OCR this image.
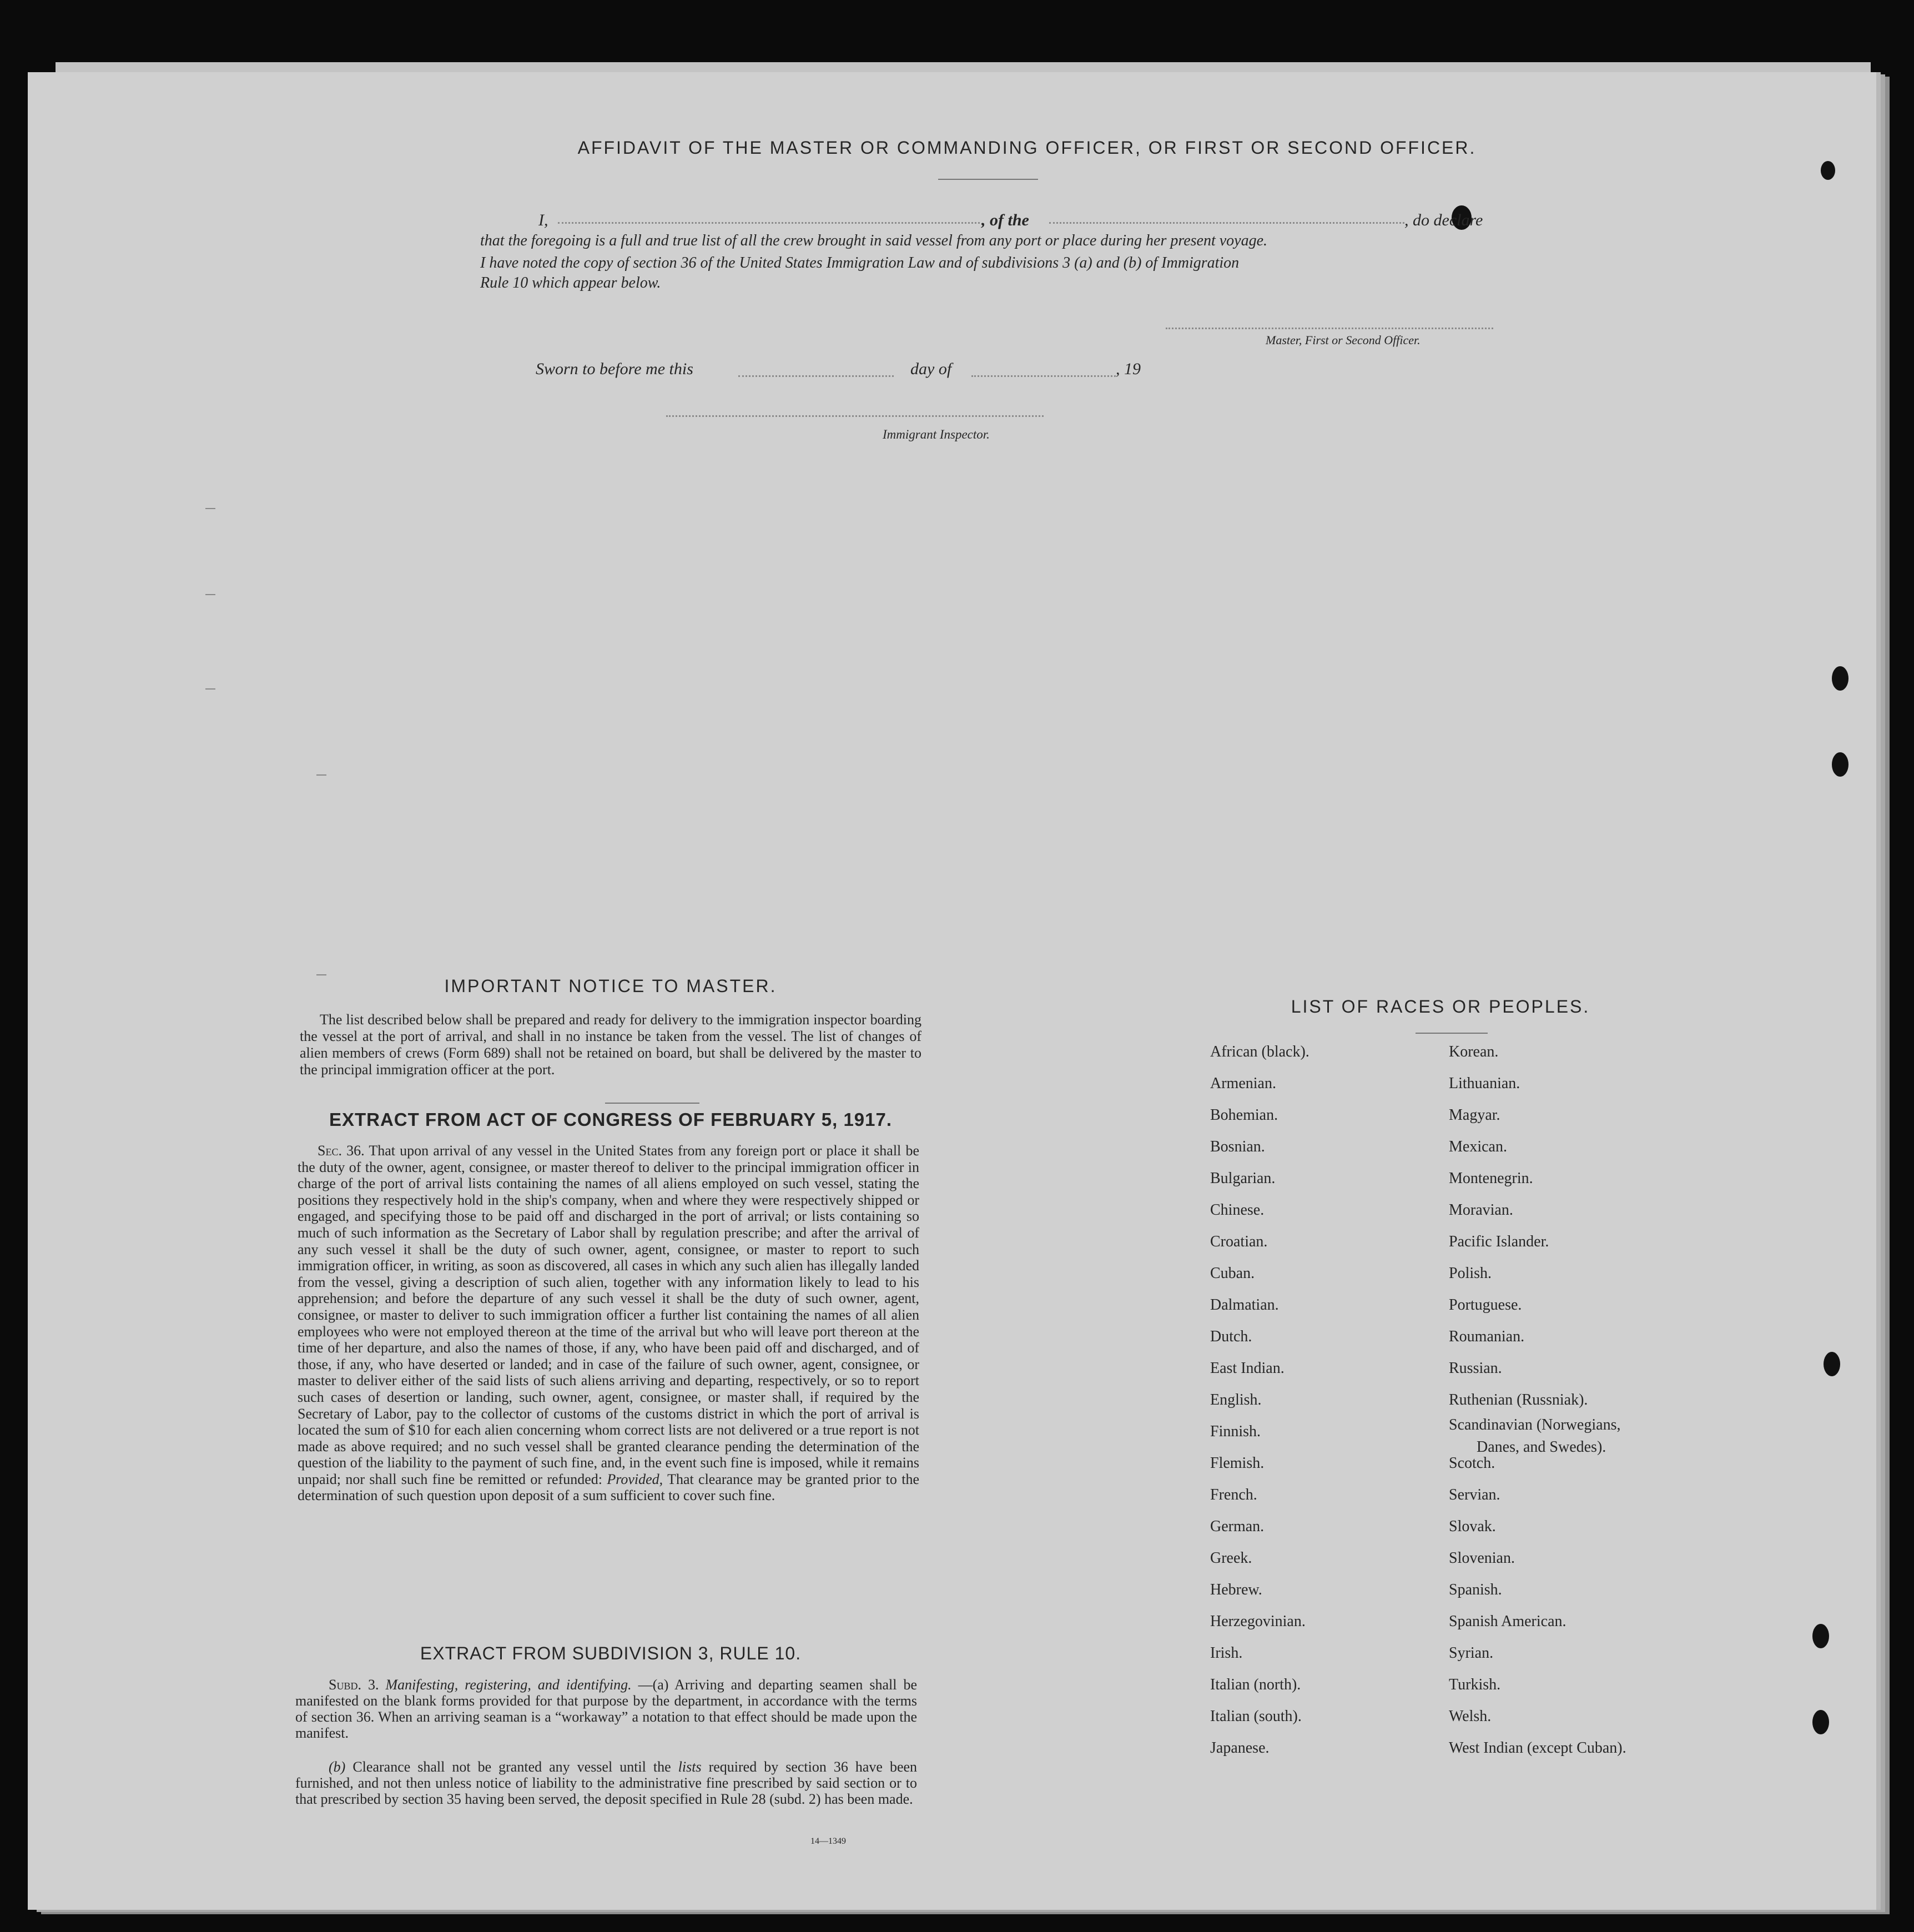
AFFIDAVIT OF THE MASTER OR COMMANDING OFFICER, OR FIRST OR SECOND OFFICER.
I,	, of the	, do declare
that the foregoing is a full and true list of all the crew brought in said vessel from any port or place during her present voyage.
I have noted the copy of section 36 of the United States Immigration Law and of subdivisions 3 (a) and (b) of Immigration
Rule 10 which appear below.
Master, First or Second Officer.
Sworn to before me this	day of	, 19
Immigrant Inspector.
IMPORTANT NOTICE TO MASTER.
The list described below shall be prepared and ready for delivery to the immigration inspector boarding the vessel at the port of arrival, and shall in no instance be taken from the vessel. The list of changes of alien members of crews (Form 689) shall not be retained on board, but shall be delivered by the master to the principal immigration officer at the port.
EXTRACT FROM ACT OF CONGRESS OF FEBRUARY 5, 1917.
Sec. 36. That upon arrival of any vessel in the United States from any foreign port or place it shall be the duty of the owner, agent, consignee, or master thereof to deliver to the principal immigration officer in charge of the port of arrival lists containing the names of all aliens employed on such vessel, stating the positions they respectively hold in the ship's company, when and where they were respectively shipped or engaged, and specifying those to be paid off and discharged in the port of arrival; or lists containing so much of such information as the Secretary of Labor shall by regulation prescribe; and after the arrival of any such vessel it shall be the duty of such owner, agent, consignee, or master to report to such immigration officer, in writing, as soon as discovered, all cases in which any such alien has illegally landed from the vessel, giving a description of such alien, together with any information likely to lead to his apprehension; and before the departure of any such vessel it shall be the duty of such owner, agent, consignee, or master to deliver to such immigration officer a further list containing the names of all alien employees who were not employed thereon at the time of the arrival but who will leave port thereon at the time of her departure, and also the names of those, if any, who have been paid off and discharged, and of those, if any, who have deserted or landed; and in case of the failure of such owner, agent, consignee, or master to deliver either of the said lists of such aliens arriving and departing, respectively, or so to report such cases of desertion or landing, such owner, agent, consignee, or master shall, if required by the Secretary of Labor, pay to the collector of customs of the customs district in which the port of arrival is located the sum of $10 for each alien concerning whom correct lists are not delivered or a true report is not made as above required; and no such vessel shall be granted clearance pending the determination of the question of the liability to the payment of such fine, and, in the event such fine is imposed, while it remains unpaid; nor shall such fine be remitted or refunded: Provided, That clearance may be granted prior to the determination of such question upon deposit of a sum sufficient to cover such fine.
EXTRACT FROM SUBDIVISION 3, RULE 10.
Subd. 3. Manifesting, registering, and identifying. —(a) Arriving and departing seamen shall be manifested on the blank forms provided for that purpose by the department, in accordance with the terms of section 36. When an arriving seaman is a “workaway” a notation to that effect should be made upon the manifest.
(b) Clearance shall not be granted any vessel until the lists required by section 36 have been furnished, and not then unless notice of liability to the administrative fine prescribed by said section or to that prescribed by section 35 having been served, the deposit specified in Rule 28 (subd. 2) has been made.
14—1349
LIST OF RACES OR PEOPLES.
African (black).
Armenian.
Bohemian.
Bosnian.
Bulgarian.
Chinese.
Croatian.
Cuban.
Dalmatian.
Dutch.
East Indian.
English.
Finnish.
Flemish.
French.
German.
Greek.
Hebrew.
Herzegovinian.
Irish.
Italian (north).
Italian (south).
Japanese.
Korean.
Lithuanian.
Magyar.
Mexican.
Montenegrin.
Moravian.
Pacific Islander.
Polish.
Portuguese.
Roumanian.
Russian.
Ruthenian (Russniak).
Scandinavian (Norwegians,
Scotch.
Servian.
Slovak.
Slovenian.
Spanish.
Spanish American.
Syrian.
Turkish.
Welsh.
West Indian (except Cuban).
Danes, and Swedes).
